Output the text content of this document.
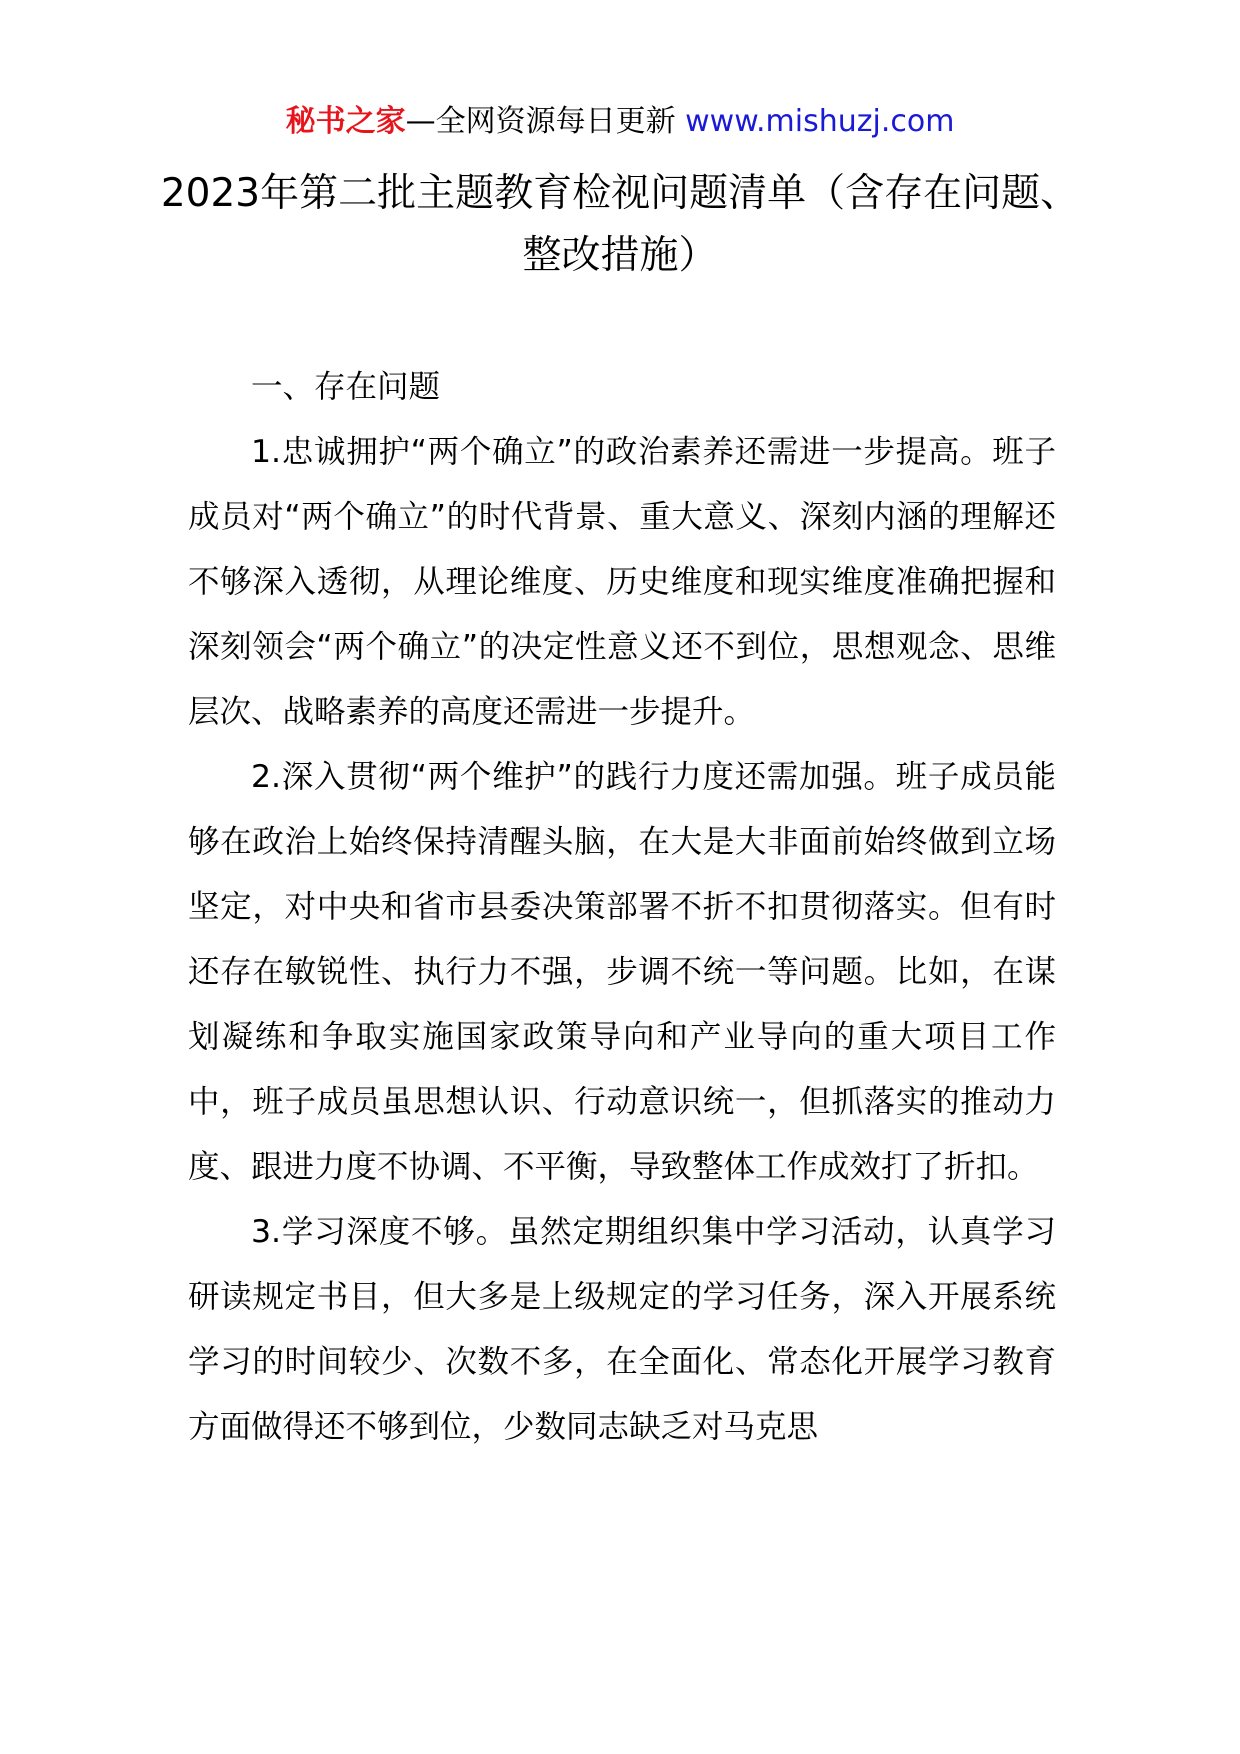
秘书之家—全网资源每日更新 www.mishuzj.com
2023年第二批主题教育检视问题清单（含存在问题、整改措施）

一、存在问题

1.忠诚拥护“两个确立”的政治素养还需进一步提高。班子成员对“两个确立”的时代背景、重大意义、深刻内涵的理解还不够深入透彻，从理论维度、历史维度和现实维度准确把握和深刻领会“两个确立”的决定性意义还不到位，思想观念、思维层次、战略素养的高度还需进一步提升。

2.深入贯彻“两个维护”的践行力度还需加强。班子成员能够在政治上始终保持清醒头脑，在大是大非面前始终做到立场坚定，对中央和省市县委决策部署不折不扣贯彻落实。但有时还存在敏锐性、执行力不强，步调不统一等问题。比如，在谋划凝练和争取实施国家政策导向和产业导向的重大项目工作中，班子成员虽思想认识、行动意识统一，但抓落实的推动力度、跟进力度不协调、不平衡，导致整体工作成效打了折扣。

3.学习深度不够。虽然定期组织集中学习活动，认真学习研读规定书目，但大多是上级规定的学习任务，深入开展系统学习的时间较少、次数不多，在全面化、常态化开展学习教育方面做得还不够到位，少数同志缺乏对马克思
